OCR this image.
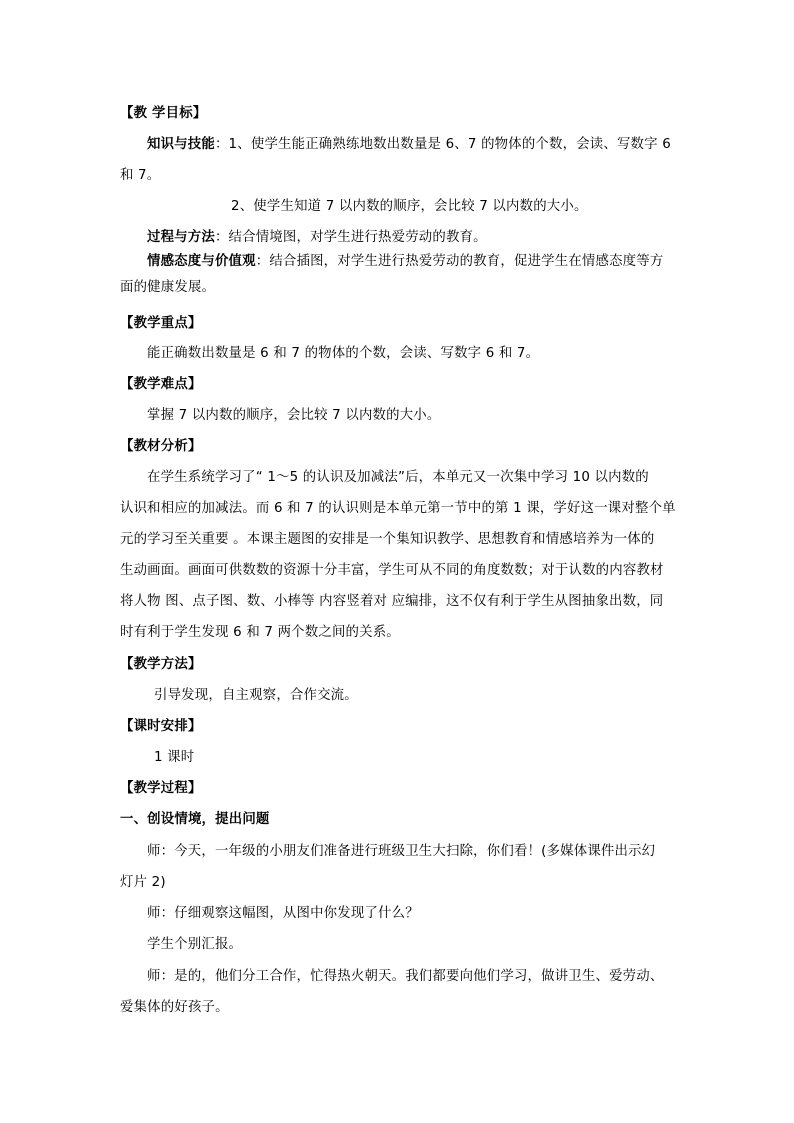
【教 学目标】
知识与技能：1、使学生能正确熟练地数出数量是 6、7 的物体的个数，会读、写数字 6
和 7。
2、使学生知道 7 以内数的顺序，会比较 7 以内数的大小。
过程与方法：结合情境图，对学生进行热爱劳动的教育。
情感态度与价值观：结合插图，对学生进行热爱劳动的教育，促进学生在情感态度等方
面的健康发展。
【教学重点】
能正确数出数量是 6 和 7 的物体的个数，会读、写数字 6 和 7。
【教学难点】
掌握 7 以内数的顺序，会比较 7 以内数的大小。
【教材分析】
在学生系统学习了“ 1～5 的认识及加减法”后，本单元又一次集中学习 10 以内数的
认识和相应的加减法。而 6 和 7 的认识则是本单元第一节中的第 1 课，学好这一课对整个单
元的学习至关重要 。本课主题图的安排是一个集知识教学、思想教育和情感培养为一体的
生动画面。画面可供数数的资源十分丰富，学生可从不同的角度数数；对于认数的内容教材
将人物 图、点子图、数、小棒等 内容竖着对 应编排，这不仅有利于学生从图抽象出数，同
时有利于学生发现 6 和 7 两个数之间的关系。
【教学方法】
引导发现，自主观察，合作交流。
【课时安排】
1 课时
【教学过程】
一、创设情境，提出问题
师：今天，一年级的小朋友们准备进行班级卫生大扫除，你们看！(多媒体课件出示幻
灯片 2)
师：仔细观察这幅图，从图中你发现了什么？
学生个别汇报。
师：是的，他们分工合作，忙得热火朝天。我们都要向他们学习，做讲卫生、爱劳动、
爱集体的好孩子。
